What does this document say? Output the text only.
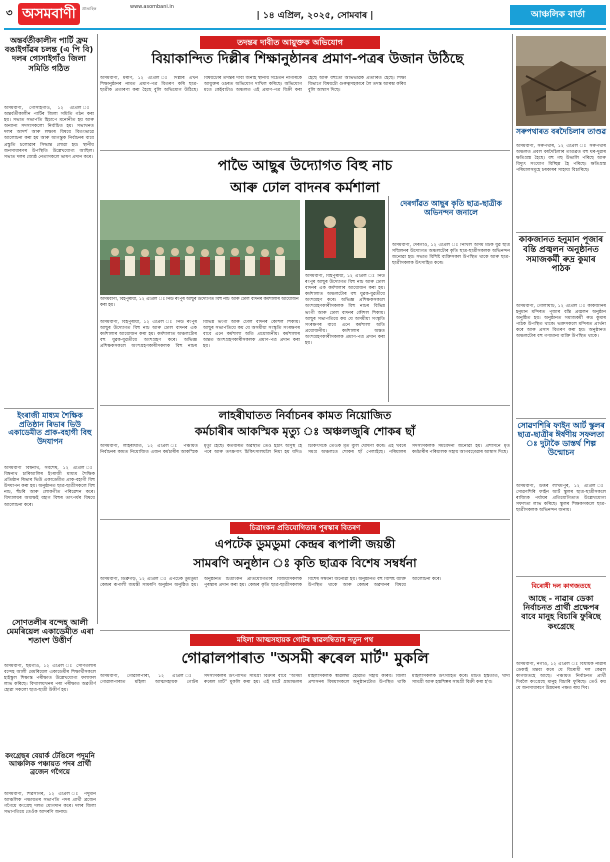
৩ অসমবাণী	প্ৰাত্যহিক	www.asombani.in
| ১৪ এপ্ৰিল, ২০২৫, সোমবাৰ |	আঞ্চলিক বাৰ্তা
তদন্তৰ দাবীত আয়ুক্তক অভিযোগ
বিয়াকান্দিত দিল্লীৰ শিক্ষানুষ্ঠানৰ প্ৰমাণ-পত্ৰৰ উজান উঠিছে
অসমবাণী, মৰাণ, ১২ এপ্ৰিল ঃ দিল্লীৰ এখন শিক্ষানুষ্ঠানৰ নামত প্ৰমাণ-পত্ৰ বিতৰণ কৰি ছাত্ৰ-ছাত্ৰীক প্ৰতাৰণা কৰা হৈছে বুলি অভিযোগ উঠিছে। বিষয়টোৰ তদন্তৰ দাবী জনাই স্থানীয় সচেতন নাগৰিকে আয়ুক্তৰ ওচৰত অভিযোগ দাখিল কৰিছে। অভিযোগ মতে কেইবাটাও অঞ্চলত এই প্ৰমাণ-পত্ৰ বিক্ৰী কৰা হৈছে আৰু বহুতো অভিভাৱক প্ৰতাৰিত হৈছে। শিক্ষা বিভাগে বিষয়টো গুৰুত্বসহকাৰে লৈ তদন্ত আৰম্ভ কৰিব বুলি আশ্বাস দিছে।
অন্তৰ্বৰ্তীকালীন পাৰ্টি ফ্ৰম বঙাইগাঁৱৰ চলন্ত (এ পি বি) দলৰ গোসাইগাঁও জিলা সমিতি গঠিত
অসমবাণী, গোসাইগাঁও, ১২ এপ্ৰিল ঃ অন্তৰ্বৰ্তীকালীন পাৰ্টিৰ জিলা সমিতি গঠন কৰা হয়। সভাত সভাপতি হিচাপে মনোনীত হয় আৰু অন্যান্য সদস্যসকলো নিৰ্বাচিত হয়। সভাখনত দলৰ আদৰ্শ আৰু লক্ষ্যৰ বিষয়ে বিতংভাৱে আলোচনা কৰা হয় আৰু আগন্তুক নিৰ্বাচনৰ বাবে প্ৰস্তুতি চলোৱাৰ সিদ্ধান্ত লোৱা হয়। স্থানীয় জনসাধাৰণৰ উপস্থিতি উল্লেখযোগ্য আছিল। সভাত দলৰ জ্যেষ্ঠ নেতাসকলে ভাষণ প্ৰদান কৰে।
ইংৰাজী মাধ্যম শৈক্ষিক প্ৰতিষ্ঠান ৰিভাৰ ভিউ একাডেমীত প্ৰাক-বহাগী বিহু উদযাপন
অসমবাণী বিশ্বনাথ, সৰ্বশেষ, ১২ এপ্ৰিল ঃ বিশ্বনাথ চাৰিআলিৰ ইংৰাজী মাধ্যম শৈক্ষিক প্ৰতিষ্ঠান ৰিভাৰ ভিউ একাডেমীত প্ৰাক-বহাগী বিহু উদযাপন কৰা হয়। অনুষ্ঠানত ছাত্ৰ-ছাত্ৰীসকলে বিহু নাচ, হুঁচৰি আৰু লোকগীত পৰিৱেশন কৰে। বিদ্যালয়ৰ অধ্যক্ষই বহাগ বিহুৰ তাৎপৰ্যৰ বিষয়ে আলোচনা কৰে।
সোণতলীৰ বন্দেহ আলী মেমৰিয়েল একাডেমীত এৰা শতাংশ উত্তীৰ্ণ
অসমবাণী, ছয়গাঁও, ১২ এপ্ৰিল ঃ সোণতলীৰ বন্দেহ আলী মেমৰিয়েল একাডেমীৰ শিক্ষাৰ্থীসকলে হাইস্কুল শিক্ষান্ত পৰীক্ষাত উল্লেখযোগ্য ফলাফল লাভ কৰিছে। বিদ্যালয়খনৰ পৰা পৰীক্ষাত অৱতীৰ্ণ হোৱা সকলো ছাত্ৰ-ছাত্ৰী উত্তীৰ্ণ হয়।
কংগ্ৰেছৰ বেয়াৰ্ক টেঙিলে পদুমনি আঞ্চলিক পঞ্চায়ত পদৰ প্ৰাৰ্থী ব্ৰজেন গগৈয়ে
অসমবাণী, শিৱসাগৰ, ১২ এপ্ৰিল ঃ পদুমনি আঞ্চলিক পঞ্চায়তৰ সভাপতি পদৰ প্ৰাৰ্থী ব্ৰজেন গগৈয়ে কংগ্ৰেছ দলত যোগদান কৰে। দলৰ জিলা সভাপতিয়ে তেওঁক আদৰণি জনায়।
পাভৈ আছুৰ উদ্যোগত বিহু নাচ
আৰু ঢোল বাদনৰ কৰ্মশালা
অসমবাণী, বিহপুৰীয়া, ১২ এপ্ৰিল ঃ নিউ ৰংপুৰ আছুৰ উদ্যোগত বিহু নাচ আৰু ঢোল বাদনৰ কৰ্মশালাৰ আয়োজন কৰা হয়।
অসমবাণী, বিহপুৰীয়া, ১২ এপ্ৰিল ঃ নিউ ৰংপুৰ আছুৰ উদ্যোগত বিহু নাচ আৰু ঢোল বাদনৰ এক কৰ্মশালাৰ আয়োজন কৰা হয়। কৰ্মশালাত অঞ্চলটোৰ বহু যুৱক-যুৱতীয়ে অংশগ্ৰহণ কৰে। অভিজ্ঞ প্ৰশিক্ষকসকলে অংশগ্ৰহণকাৰীসকলক বিহু নাচৰ বিভিন্ন ভংগী আৰু ঢোল বাদনৰ কৌশল শিকায়। আছুৰ সভাপতিয়ে কয় যে অসমীয়া সংস্কৃতি সংৰক্ষণৰ বাবে এনে কৰ্মশালা অতি প্ৰয়োজনীয়। কৰ্মশালাৰ অন্তত অংশগ্ৰহণকাৰীসকলক প্ৰমাণ-পত্ৰ প্ৰদান কৰা হয়।
দেৰগাঁৱত আছুৰ কৃতি ছাত্ৰ-ছাত্ৰীক অভিনন্দন জনালে
অসমবাণী, দেৰগাঁও, ১২ এপ্ৰিল ঃ নিখিল অসম মটক যুৱ ছাত্ৰ সন্মিলনৰ উদ্যোগত অঞ্চলটোৰ কৃতি ছাত্ৰ-ছাত্ৰীসকলক অভিনন্দন জনোৱা হয়। সভাত বিশিষ্ট ব্যক্তিসকল উপস্থিত থাকে আৰু ছাত্ৰ-ছাত্ৰীসকলক উৎসাহিত কৰে।
অসমবাণী, বিহপুৰীয়া, ১২ এপ্ৰিল ঃ নিউ ৰংপুৰ আছুৰ উদ্যোগত বিহু নাচ আৰু ঢোল বাদনৰ এক কৰ্মশালাৰ আয়োজন কৰা হয়। কৰ্মশালাত অঞ্চলটোৰ বহু যুৱক-যুৱতীয়ে অংশগ্ৰহণ কৰে। অভিজ্ঞ প্ৰশিক্ষকসকলে অংশগ্ৰহণকাৰীসকলক বিহু নাচৰ বিভিন্ন ভংগী আৰু ঢোল বাদনৰ কৌশল শিকায়। আছুৰ সভাপতিয়ে কয় যে অসমীয়া সংস্কৃতি সংৰক্ষণৰ বাবে এনে কৰ্মশালা অতি প্ৰয়োজনীয়। কৰ্মশালাৰ অন্তত অংশগ্ৰহণকাৰীসকলক প্ৰমাণ-পত্ৰ প্ৰদান কৰা হয়।
লাহৰীঘাতত নিৰ্বাচনৰ কামত নিয়োজিত
কৰ্মচাৰীৰ আকস্মিক মৃত্যু ঃ অঞ্চলজুৰি শোকৰ ছাঁ
অসমবাণী, লাহৰীঘাত, ১২ এপ্ৰিল ঃ পঞ্চায়ত নিৰ্বাচনৰ কামত নিয়োজিত এজন কৰ্মচাৰীৰ আকস্মিক মৃত্যু হৈছে। কৰ্তব্যৰত অৱস্থাত তেওঁ হঠাৎ অসুস্থ হৈ পৰে আৰু তৎক্ষণাৎ চিকিৎসালয়লৈ নিয়া হয় যদিও চিকিৎসকে তেওঁক মৃত বুলি ঘোষণা কৰে। এই খবৰে সমগ্ৰ অঞ্চলতে শোকৰ ছাঁ পেলাইছে। পৰিয়ালৰ সদস্যসকলক সমবেদনা জনোৱা হয়। প্ৰশাসনে মৃত কৰ্মচাৰীৰ পৰিয়ালক সহায় আগবঢ়োৱাৰ আশ্বাস দিছে।
চিত্ৰাংকন প্ৰতিযোগিতাৰ পুৰস্কাৰ বিতৰণ
এপটেক ডুমডুমা কেন্দ্ৰৰ ৰূপালী জয়ন্তী
সামৰণি অনুষ্ঠান ঃ কৃতি ছাত্ৰক বিশেষ সম্বৰ্ধনা
অসমবাণী, ডিব্ৰুগড়, ১২ এপ্ৰিল ঃ এপটেক ডুমডুমা কেন্দ্ৰৰ ৰূপালী জয়ন্তী সামৰণি অনুষ্ঠান অনুষ্ঠিত হয়। অনুষ্ঠানত চিত্ৰাংকন প্ৰতিযোগিতাৰ বিজয়ীসকলক পুৰস্কাৰ প্ৰদান কৰা হয়। কেন্দ্ৰৰ কৃতি ছাত্ৰ-ছাত্ৰীসকলক বিশেষ সম্বৰ্ধনা জনোৱা হয়। অনুষ্ঠানত বহু বিশিষ্ট ব্যক্তি উপস্থিত থাকে আৰু কেন্দ্ৰৰ অৱদানৰ বিষয়ে আলোচনা কৰে।
মহিলা আত্মসহায়ক গোটৰ স্বাৱলম্বিতাৰ নতুন পথ
গোৱালপাৰাত "অসমী ৰুৰেল মাৰ্ট" মুকলি
অসমবাণী, গোৱালপাৰা, ১২ এপ্ৰিল ঃ গোৱালপাৰাত মহিলা আত্মসহায়ক গোটৰ সদস্যসকলৰ উৎপাদিত সামগ্ৰী বিক্ৰীৰ বাবে "অসমী ৰুৰেল মাৰ্ট" মুকলি কৰা হয়। এই মাৰ্টে গ্ৰামাঞ্চলৰ মহিলাসকলক স্বাৱলম্বী হোৱাত সহায় কৰিব। জিলা প্ৰশাসনৰ বিষয়াসকলে অনুষ্ঠানটোত উপস্থিত থাকি মহিলাসকলক উৎসাহিত কৰে। মাৰ্টত হস্ততাঁত, খাদ্য সামগ্ৰী আৰু হস্তশিল্পৰ সামগ্ৰী বিক্ৰী কৰা হ'ব।
সৰুপথাৰত বৰদৈচিলাৰ তাণ্ডৱ
অসমবাণী, সৰুপথাৰ, ১২ এপ্ৰিল ঃ সৰুপথাৰ অঞ্চলত প্ৰবল বৰদৈচিলাৰ তাণ্ডৱত বহু ঘৰ-দুৱাৰ ক্ষতিগ্ৰস্ত হৈছে। বহু গছ উভালি পৰিছে আৰু বিদ্যুৎ সংযোগ বিচ্ছিন্ন হৈ পৰিছে। ক্ষতিগ্ৰস্ত পৰিয়ালসমূহে চৰকাৰৰ সাহায্য বিচাৰিছে।
কাকজানত হনুমান পূজাৰ বন্তি প্ৰজ্বলন অনুষ্ঠানত সমাজকৰ্মী ৰুদ্ৰ কুমাৰ পাঠক
অসমবাণী, গোলাঘাট, ১২ এপ্ৰিল ঃ কাকজানৰ হনুমান মন্দিৰত পূজাৰ বন্তি প্ৰজ্বলন অনুষ্ঠান অনুষ্ঠিত হয়। অনুষ্ঠানত সমাজকৰ্মী ৰুদ্ৰ কুমাৰ পাঠক উপস্থিত থাকে। ভক্তসকলে মন্দিৰত প্ৰাৰ্থনা কৰে আৰু প্ৰসাদ বিতৰণ কৰা হয়। অনুষ্ঠানত অঞ্চলটোৰ বহু গণ্যমান্য ব্যক্তি উপস্থিত থাকে।
সোৱণশিৰি ফাইন আৰ্ট স্কুলৰ ছাত্ৰ-ছাত্ৰীৰ ঈৰ্ষণীয় সফলতা ঃ দুটাকৈ ডাস্তৰ্থ শিল্প উন্মোচন
অসমবাণী, উত্তৰ লখিমপুৰ, ১২ এপ্ৰিল ঃ সোৱণশিৰি ফাইন আৰ্ট স্কুলৰ ছাত্ৰ-ছাত্ৰীসকলে ৰাজ্যিক পৰ্যায়ৰ প্ৰতিযোগিতাত উল্লেখযোগ্য সফলতা লাভ কৰিছে। স্কুলৰ শিক্ষকসকলে ছাত্ৰ-ছাত্ৰীসকলক অভিনন্দন জনায়।
বিৰোধী দল কাগজতহে
আছে - নাৱাৰ ডেকা নিৰ্বাচনত প্ৰাৰ্থী প্ৰক্ষেপৰ বাবে মানুহ বিচাৰি ফুৰিছে কংগ্ৰেছে
অসমবাণী, নগাঁও, ১২ এপ্ৰিল ঃ বিধায়ক নাৱাৰ ডেকাই মন্তব্য কৰে যে বিৰোধী দল কেৱল কাগজতহে আছে। পঞ্চায়ত নিৰ্বাচনত প্ৰাৰ্থী দিবলৈ কংগ্ৰেছে মানুহ বিচাৰি ফুৰিছে। তেওঁ কয় যে জনসাধাৰণে উন্নয়নৰ পক্ষত ৰায় দিব।
